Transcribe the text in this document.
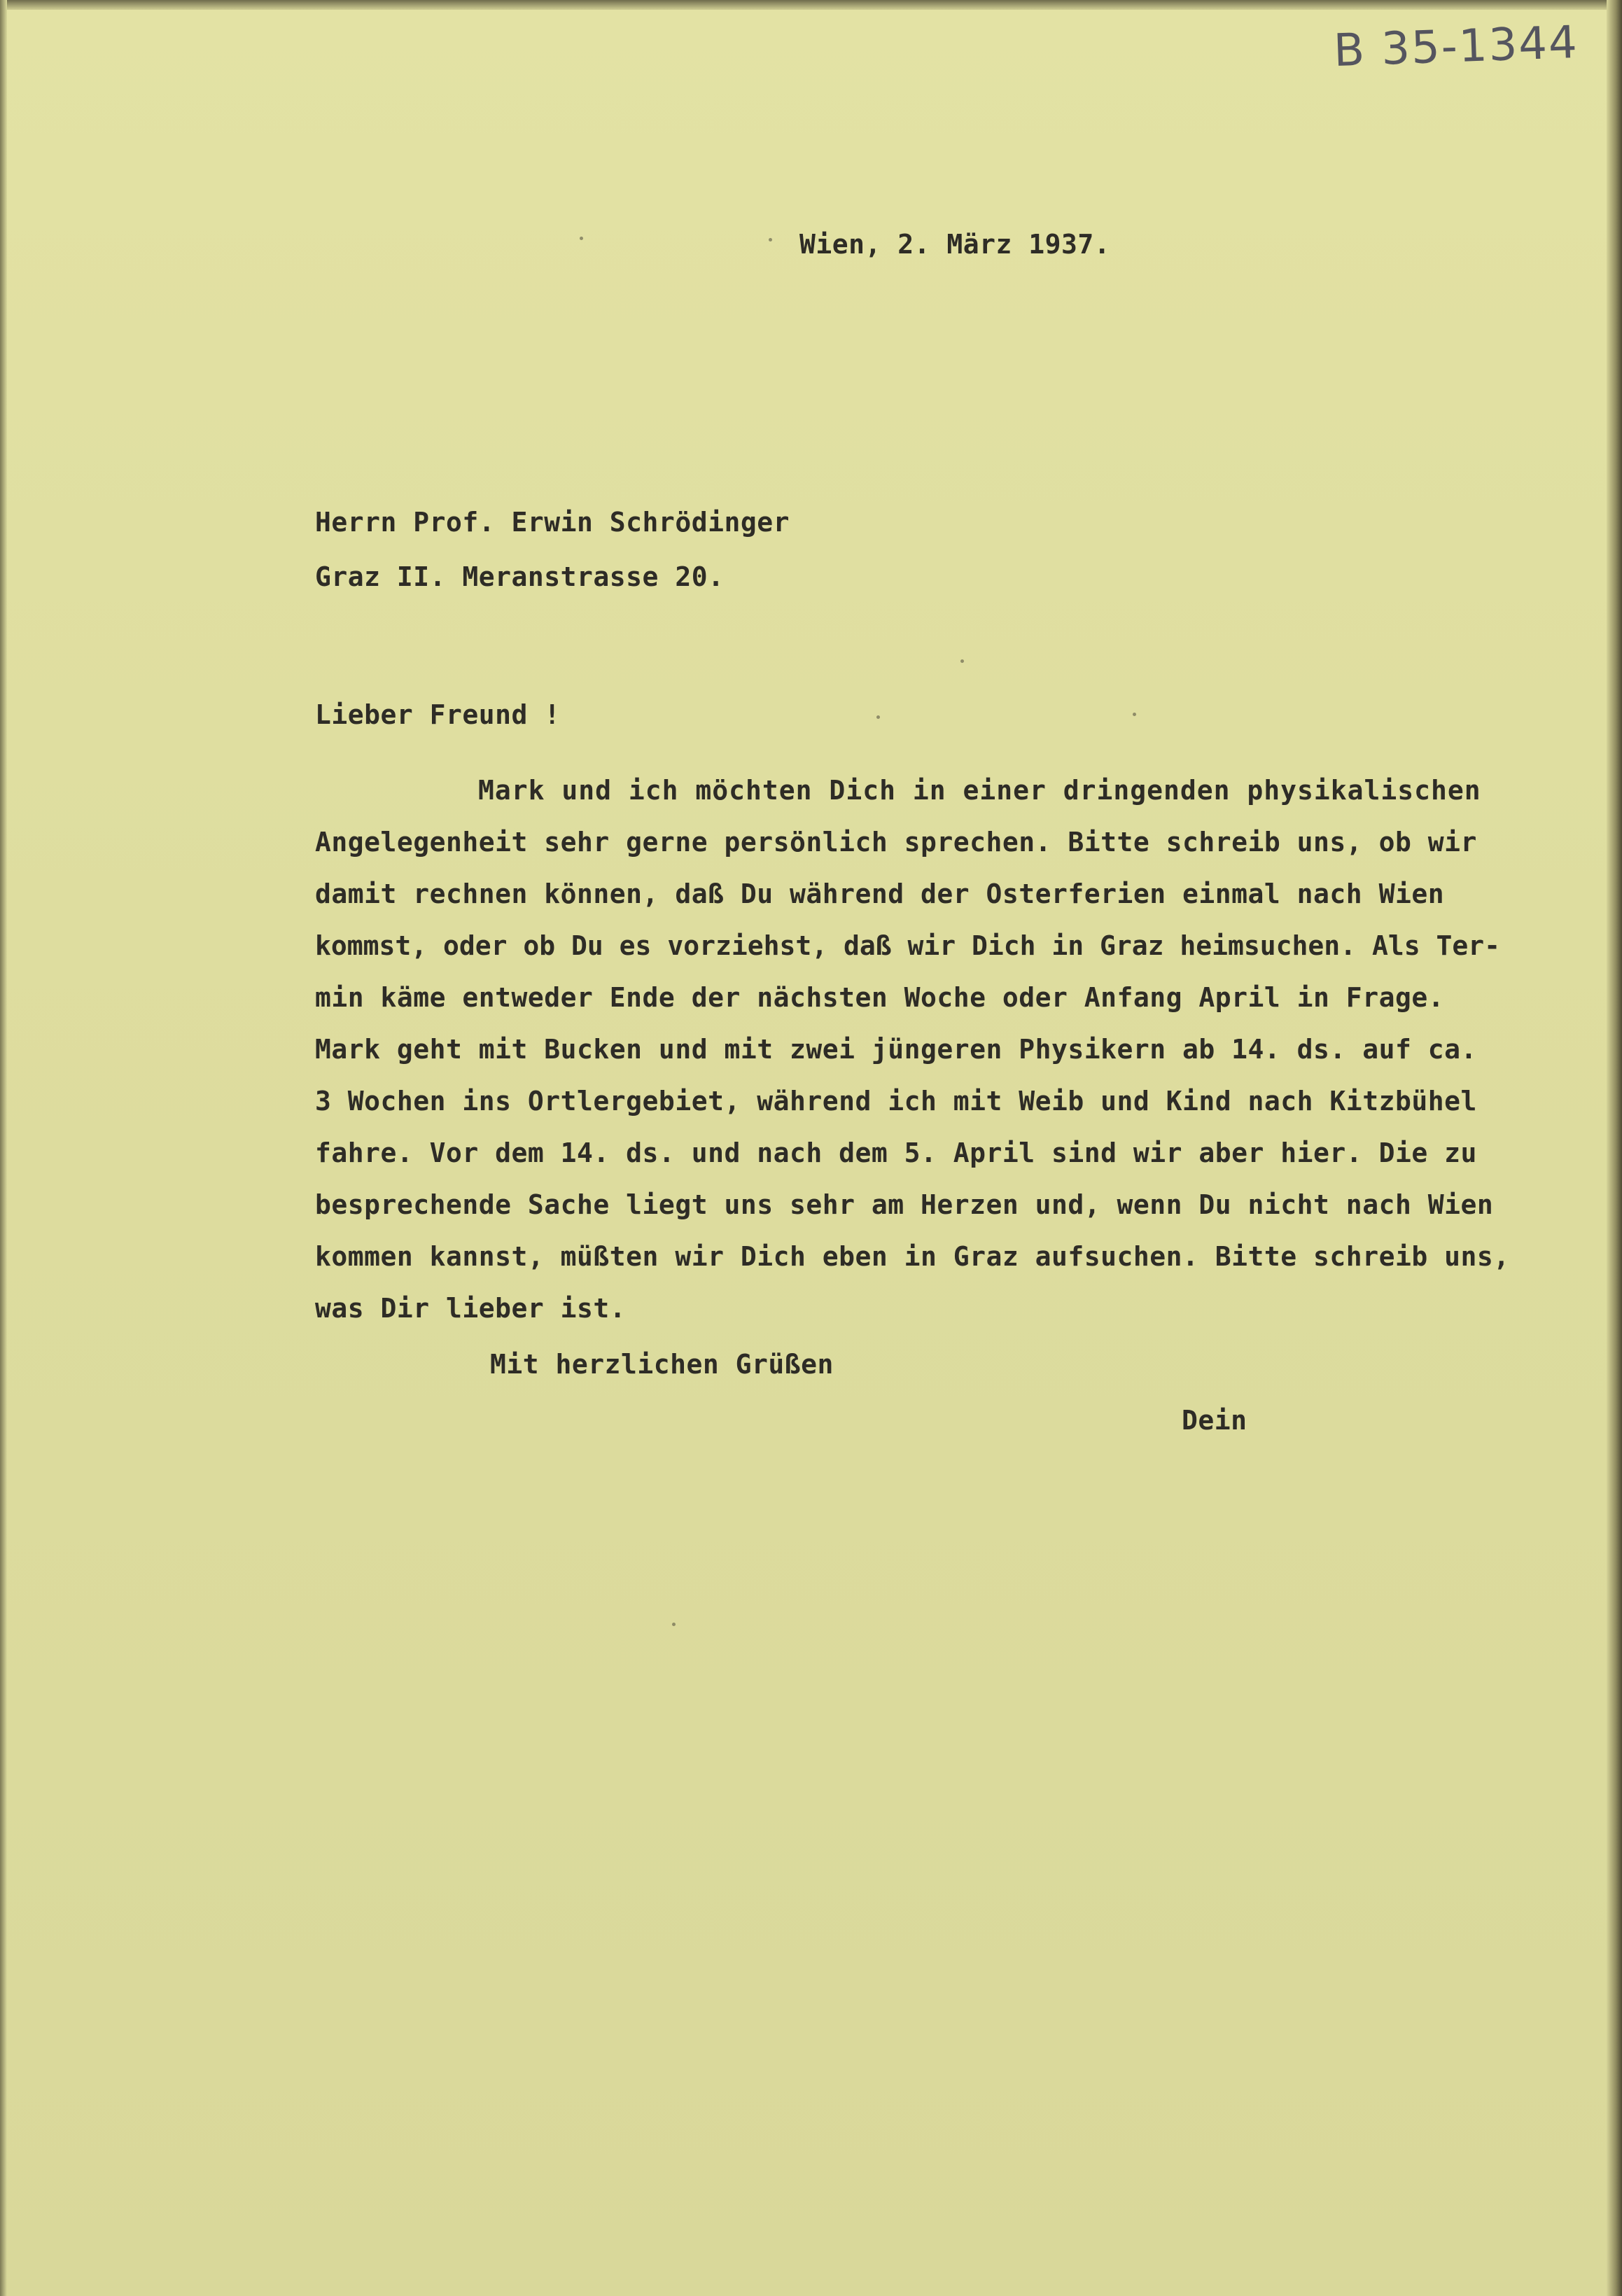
B 35-1344
Wien, 2. März 1937.
Herrn Prof. Erwin Schrödinger
Graz II. Meranstrasse 20.
Lieber Freund !
Mark und ich möchten Dich in einer dringenden physikalischen
Angelegenheit sehr gerne persönlich sprechen. Bitte schreib uns, ob wir
damit rechnen können, daß Du während der Osterferien einmal nach Wien
kommst, oder ob Du es vorziehst, daß wir Dich in Graz heimsuchen. Als Ter-
min käme entweder Ende der nächsten Woche oder Anfang April in Frage.
Mark geht mit Bucken und mit zwei jüngeren Physikern ab 14. ds. auf ca.
3 Wochen ins Ortlergebiet, während ich mit Weib und Kind nach Kitzbühel
fahre. Vor dem 14. ds. und nach dem 5. April sind wir aber hier. Die zu
besprechende Sache liegt uns sehr am Herzen und, wenn Du nicht nach Wien
kommen kannst, müßten wir Dich eben in Graz aufsuchen. Bitte schreib uns,
was Dir lieber ist.
Mit herzlichen Grüßen
Dein
